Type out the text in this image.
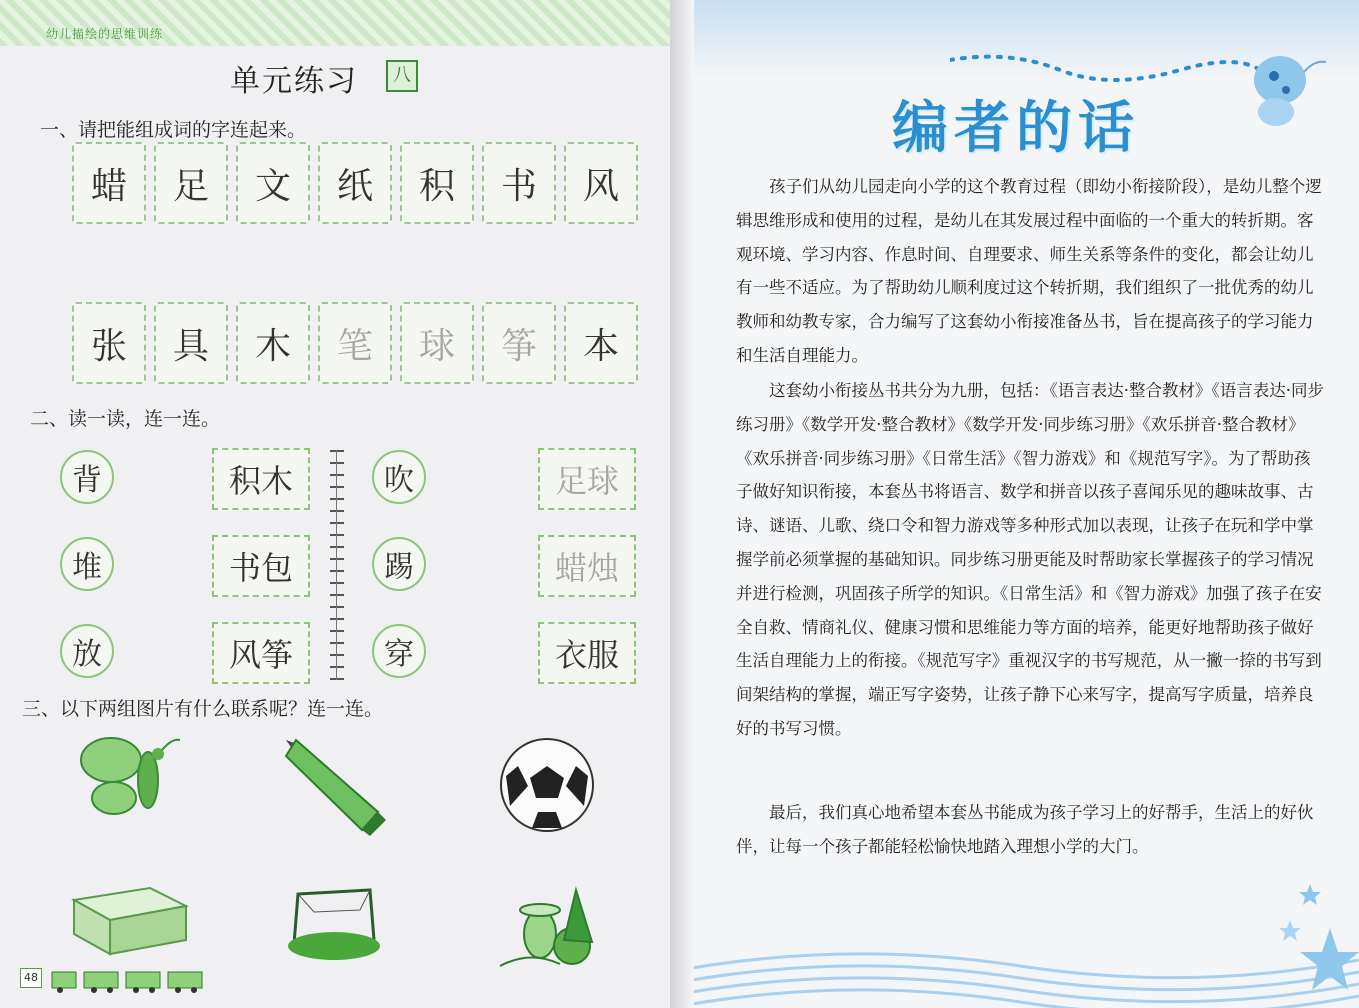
幼儿描绘的思维训练
单元练习	八
一、请把能组成词的字连起来。
蜡	足	文	纸	积	书	风
张	具	木	笔	球	筝	本
二、读一读，连一连。
背
堆
放
积木
书包
风筝
吹
踢
穿
足球
蜡烛
衣服
三、以下两组图片有什么联系呢？连一连。
48
编者的话

孩子们从幼儿园走向小学的这个教育过程（即幼小衔接阶段），是幼儿整个逻辑思维形成和使用的过程，是幼儿在其发展过程中面临的一个重大的转折期。客观环境、学习内容、作息时间、自理要求、师生关系等条件的变化，都会让幼儿有一些不适应。为了帮助幼儿顺利度过这个转折期，我们组织了一批优秀的幼儿教师和幼教专家，合力编写了这套幼小衔接准备丛书，旨在提高孩子的学习能力和生活自理能力。

这套幼小衔接丛书共分为九册，包括：《语言表达·整合教材》《语言表达·同步练习册》《数学开发·整合教材》《数学开发·同步练习册》《欢乐拼音·整合教材》《欢乐拼音·同步练习册》《日常生活》《智力游戏》和《规范写字》。为了帮助孩子做好知识衔接，本套丛书将语言、数学和拼音以孩子喜闻乐见的趣味故事、古诗、谜语、儿歌、绕口令和智力游戏等多种形式加以表现，让孩子在玩和学中掌握学前必须掌握的基础知识。同步练习册更能及时帮助家长掌握孩子的学习情况并进行检测，巩固孩子所学的知识。《日常生活》和《智力游戏》加强了孩子在安全自救、情商礼仪、健康习惯和思维能力等方面的培养，能更好地帮助孩子做好生活自理能力上的衔接。《规范写字》重视汉字的书写规范，从一撇一捺的书写到间架结构的掌握，端正写字姿势，让孩子静下心来写字，提高写字质量，培养良好的书写习惯。

最后，我们真心地希望本套丛书能成为孩子学习上的好帮手，生活上的好伙伴，让每一个孩子都能轻松愉快地踏入理想小学的大门。
